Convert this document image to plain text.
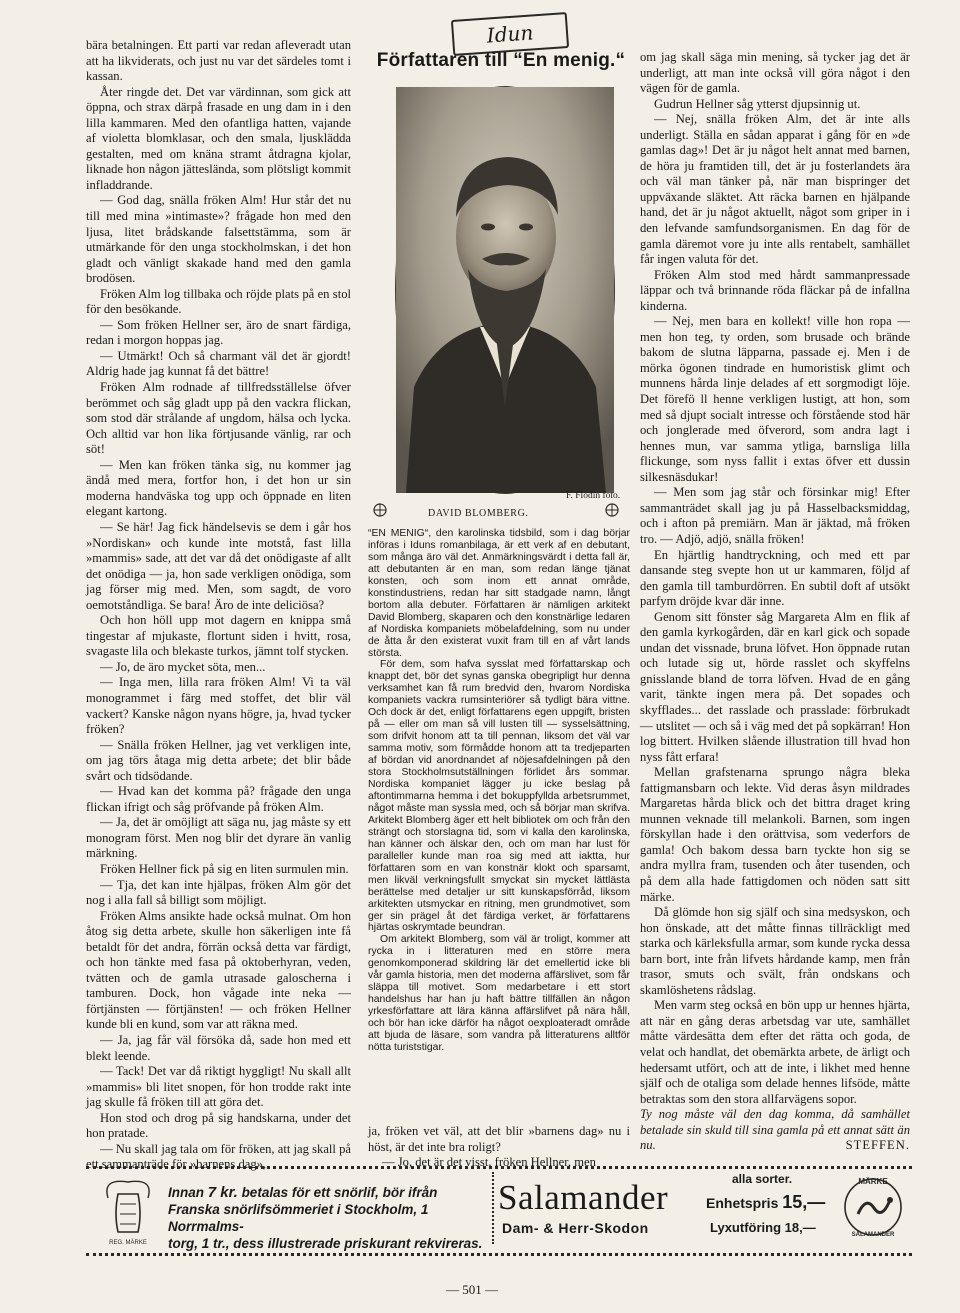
bära betalningen. Ett parti var redan afleveradt utan att ha likviderats, och just nu var det särdeles tomt i kassan.

Åter ringde det. Det var värdinnan, som gick att öppna, och strax därpå frasade en ung dam in i den lilla kammaren. Med den ofantliga hatten, vajande af violetta blomklasar, och den smala, ljusklädda gestalten, med om knäna stramt åtdragna kjolar, liknade hon någon jätteslända, som plötsligt kommit infladdrande.

— God dag, snälla fröken Alm! Hur står det nu till med mina »intimaste»? frågade hon med den ljusa, litet brådskande falsettstämma, som är utmärkande för den unga stockholmskan, i det hon gladt och vänligt skakade hand med den gamla brodösen.

Fröken Alm log tillbaka och röjde plats på en stol för den besökande.

— Som fröken Hellner ser, äro de snart färdiga, redan i morgon hoppas jag.

— Utmärkt! Och så charmant väl det är gjordt! Aldrig hade jag kunnat få det bättre!

Fröken Alm rodnade af tillfredsställelse öfver berömmet och såg gladt upp på den vackra flickan, som stod där strålande af ungdom, hälsa och lycka. Och alltid var hon lika förtjusande vänlig, rar och söt!

— Men kan fröken tänka sig, nu kommer jag ändå med mera, fortfor hon, i det hon ur sin moderna handväska tog upp och öppnade en liten elegant kartong.

— Se här! Jag fick händelsevis se dem i går hos »Nordiskan» och kunde inte motstå, fast lilla »mammis» sade, att det var då det onödigaste af allt det onödiga — ja, hon sade verkligen onödiga, som jag förser mig med. Men, som sagdt, de voro oemotståndliga. Se bara! Äro de inte deliciösa?

Och hon höll upp mot dagern en knippa små tingestar af mjukaste, flortunt siden i hvitt, rosa, svagaste lila och blekaste turkos, jämnt tolf stycken.

— Jo, de äro mycket söta, men...

— Inga men, lilla rara fröken Alm! Vi ta väl monogrammet i färg med stoffet, det blir väl vackert? Kanske någon nyans högre, ja, hvad tycker fröken?

— Snälla fröken Hellner, jag vet verkligen inte, om jag törs åtaga mig detta arbete; det blir både svårt och tidsödande.

— Hvad kan det komma på? frågade den unga flickan ifrigt och såg pröfvande på fröken Alm.

— Ja, det är omöjligt att säga nu, jag måste sy ett monogram först. Men nog blir det dyrare än vanlig märkning.

Fröken Hellner fick på sig en liten surmulen min.

— Tja, det kan inte hjälpas, fröken Alm gör det nog i alla fall så billigt som möjligt.

Fröken Alms ansikte hade också mulnat. Om hon åtog sig detta arbete, skulle hon säkerligen inte få betaldt för det andra, förrän också detta var färdigt, och hon tänkte med fasa på oktoberhyran, veden, tvätten och de gamla utrasade galoscherna i tamburen. Dock, hon vågade inte neka — förtjänsten — förtjänsten! — och fröken Hellner kunde bli en kund, som var att räkna med.

— Ja, jag får väl försöka då, sade hon med ett blekt leende.

— Tack! Det var då riktigt hyggligt! Nu skall allt »mammis» bli litet snopen, för hon trodde rakt inte jag skulle få fröken till att göra det.

Hon stod och drog på sig handskarna, under det hon pratade.

— Nu skall jag tala om för fröken, att jag skall på ett sammanträde för »barnens dag»,

Idun
Författaren till “En menig.“
F. Flodin foto.
DAVID BLOMBERG.

“EN MENIG“, den karolinska tidsbild, som i dag börjar införas i Iduns romanbilaga, är ett verk af en debutant, som många äro väl det. Anmärkningsvärdt i detta fall är, att debutanten är en man, som redan länge tjänat konsten, och som inom ett annat område, konstindustriens, redan har sitt stadgade namn, långt bortom alla debuter. Författaren är nämligen arkitekt David Blomberg, skaparen och den konstnärlige ledaren af Nordiska kompaniets möbelafdelning, som nu under de åtta år den existerat vuxit fram till en af vårt lands största.

För dem, som hafva sysslat med författarskap och knappt det, bör det synas ganska obegripligt hur denna verksamhet kan få rum bredvid den, hvarom Nordiska kompaniets vackra rumsinteriörer så tydligt bära vittne. Och dock är det, enligt författarens egen uppgift, bristen på — eller om man så vill lusten till — sysselsättning, som drifvit honom att ta till pennan, liksom det väl var samma motiv, som förmådde honom att ta tredjeparten af bördan vid anordnandet af nöjesafdelningen på den stora Stockholmsutställningen förlidet års sommar. Nordiska kompaniet lägger ju icke beslag på aftontimmarna hemma i det bokuppfyllda arbetsrummet, något måste man syssla med, och så börjar man skrifva. Arkitekt Blomberg äger ett helt bibliotek om och från den strängt och storslagna tid, som vi kalla den karolinska, han känner och älskar den, och om man har lust för paralleller kunde man roa sig med att iaktta, hur författaren som en van konstnär klokt och sparsamt, men likväl verkningsfullt smyckat sin mycket lättlästa berättelse med detaljer ur sitt kunskapsförråd, liksom arkitekten utsmyckar en ritning, men grundmotivet, som ger sin prägel åt det färdiga verket, är författarens hjärtas oskrymtade beundran.

Om arkitekt Blomberg, som väl är troligt, kommer att rycka in i litteraturen med en större mera genomkomponerad skildring lär det emellertid icke bli vår gamla historia, men det moderna affärslivet, som får släppa till motivet. Som medarbetare i ett stort handelshus har han ju haft bättre tillfällen än någon yrkesförfattare att lära känna affärslifvet på nära håll, och bör han icke därför ha något oexploateradt område att bjuda de läsare, som vandra på litteraturens alltför nötta turiststigar.

ja, fröken vet väl, att det blir »barnens dag» nu i höst, är det inte bra roligt?

— Jo, det är det visst, fröken Hellner, men

om jag skall säga min mening, så tycker jag det är underligt, att man inte också vill göra något i den vägen för de gamla.

Gudrun Hellner såg ytterst djupsinnig ut.

— Nej, snälla fröken Alm, det är inte alls underligt. Ställa en sådan apparat i gång för en »de gamlas dag»! Det är ju något helt annat med barnen, de höra ju framtiden till, det är ju fosterlandets ära och väl man tänker på, när man bispringer det uppväxande släktet. Att räcka barnen en hjälpande hand, det är ju något aktuellt, något som griper in i den lefvande samfundsorganismen. En dag för de gamla däremot vore ju inte alls rentabelt, samhället får ingen valuta för det.

Fröken Alm stod med hårdt sammanpressade läppar och två brinnande röda fläckar på de infallna kinderna.

— Nej, men bara en kollekt! ville hon ropa — men hon teg, ty orden, som brusade och brände bakom de slutna läpparna, passade ej. Men i de mörka ögonen tindrade en humoristisk glimt och munnens hårda linje delades af ett sorgmodigt löje. Det förefö ll henne verkligen lustigt, att hon, som med så djupt socialt intresse och förstående stod här och jonglerade med öfverord, som andra lagt i hennes mun, var samma ytliga, barnsliga lilla flickunge, som nyss fallit i extas öfver ett dussin silkesnäsdukar!

— Men som jag står och försinkar mig! Efter sammanträdet skall jag ju på Hasselbacksmiddag, och i afton på premiärn. Man är jäktad, må fröken tro. — Adjö, adjö, snälla fröken!

En hjärtlig handtryckning, och med ett par dansande steg svepte hon ut ur kammaren, följd af den gamla till tamburdörren. En subtil doft af utsökt parfym dröjde kvar där inne.

Genom sitt fönster såg Margareta Alm en flik af den gamla kyrkogården, där en karl gick och sopade undan det vissnade, bruna löfvet. Hon öppnade rutan och lutade sig ut, hörde rasslet och skyffelns gnisslande bland de torra löfven. Hvad de en gång varit, tänkte ingen mera på. Det sopades och skyfflades... det rasslade och prasslade: förbrukadt — utslitet — och så i väg med det på sopkärran! Hon log bittert. Hvilken slående illustration till hvad hon nyss fått erfara!

Mellan grafstenarna sprungo några bleka fattigmansbarn och lekte. Vid deras åsyn mildrades Margaretas hårda blick och det bittra draget kring munnen veknade till melankoli. Barnen, som ingen förskyllan hade i den orättvisa, som vederfors de gamla! Och bakom dessa barn tyckte hon sig se andra myllra fram, tusenden och åter tusenden, och på dem alla hade fattigdomen och nöden satt sitt märke.

Då glömde hon sig själf och sina medsyskon, och hon önskade, att det måtte finnas tillräckligt med starka och kärleksfulla armar, som kunde rycka dessa barn bort, inte från lifvets hårdande kamp, men från trasor, smuts och svält, från ondskans och skamlöshetens rådslag.

Men varm steg också en bön upp ur hennes hjärta, att när en gång deras arbetsdag var ute, samhället måtte värdesätta dem efter det rätta och goda, de velat och handlat, det obemärkta arbete, de ärligt och hedersamt utfört, och att de inte, i likhet med henne själf och de otaliga som delade hennes lifsöde, måtte betraktas som den stora allfarvägens sopor.

Ty nog måste väl den dag komma, då samhället betalade sin skuld till sina gamla på ett annat sätt än nu.	STEFFEN.

REG. MÄRKE
Innan 7 kr. betalas för ett snörlif, bör ifrån
Franska snörlifsömmeriet i Stockholm, 1 Norrmalms-
torg, 1 tr., dess illustrerade priskurant rekvireras.
Salamander
Dam- & Herr-Skodon
alla sorter.
Enhetspris 15,—
Lyxutföring 18,—
MÄRKE
SALAMANDER
— 501 —
